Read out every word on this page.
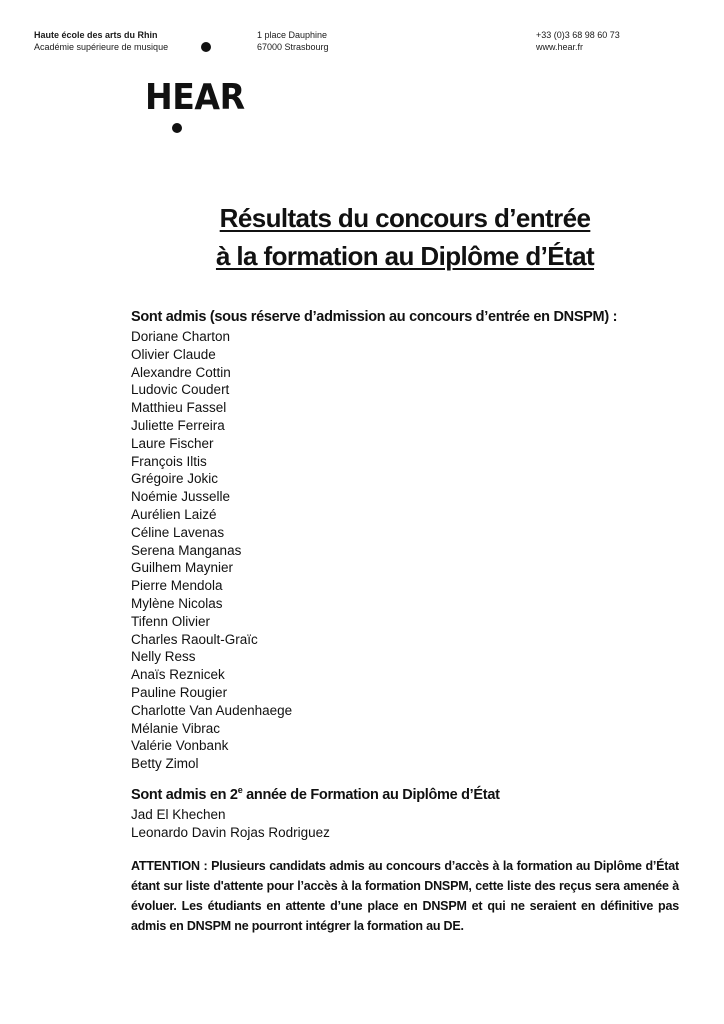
Haute école des arts du Rhin
Académie supérieure de musique
1 place Dauphine
67000 Strasbourg
+33 (0)3 68 98 60 73
www.hear.fr
HEAR
Résultats du concours d’entrée
à la formation au Diplôme d’État
Sont admis (sous réserve d’admission au concours d’entrée en DNSPM) :
Doriane Charton
Olivier Claude
Alexandre Cottin
Ludovic Coudert
Matthieu Fassel
Juliette Ferreira
Laure Fischer
François Iltis
Grégoire Jokic
Noémie Jusselle
Aurélien Laizé
Céline Lavenas
Serena Manganas
Guilhem Maynier
Pierre Mendola
Mylène Nicolas
Tifenn Olivier
Charles Raoult-Graïc
Nelly Ress
Anaïs Reznicek
Pauline Rougier
Charlotte Van Audenhaege
Mélanie Vibrac
Valérie Vonbank
Betty Zimol
Sont admis en 2e année de Formation au Diplôme d’État
Jad El Khechen
Leonardo Davin Rojas Rodriguez

ATTENTION : Plusieurs candidats admis au concours d’accès à la formation au Diplôme d’État étant sur liste d'attente pour l’accès à la formation DNSPM, cette liste des reçus sera amenée à évoluer. Les étudiants en attente d’une place en DNSPM et qui ne seraient en définitive pas admis en DNSPM ne pourront intégrer la formation au DE.
